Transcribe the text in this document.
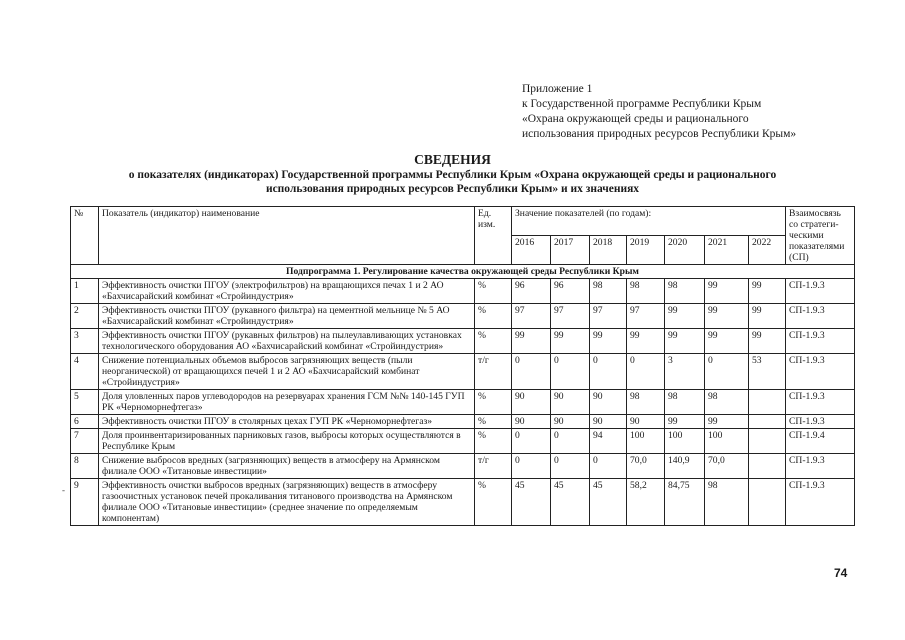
Приложение 1
к Государственной программе Республики Крым
«Охрана окружающей среды и рационального
использования природных ресурсов Республики Крым»
СВЕДЕНИЯ
о показателях (индикаторах) Государственной программы Республики Крым «Охрана окружающей среды и рационального
использования природных ресурсов Республики Крым» и их значениях
№	Показатель (индикатор) наименование	Ед. изм.	Значение показателей (по годам):							Взаимосвязь со стратеги-ческими показателями (СП)
			2016	2017	2018	2019	2020	2021	2022	
Подпрограмма 1. Регулирование качества окружающей среды Республики Крым										
1	Эффективность очистки ПГОУ (электрофильтров) на вращающихся печах 1 и 2 АО «Бахчисарайский комбинат «Стройиндустрия»	%	96	96	98	98	98	99	99	СП-1.9.3
2	Эффективность очистки ПГОУ (рукавного фильтра) на цементной мельнице № 5 АО «Бахчисарайский комбинат «Стройиндустрия»	%	97	97	97	97	99	99	99	СП-1.9.3
3	Эффективность очистки ПГОУ (рукавных фильтров) на пылеулавливающих установках технологического оборудования АО «Бахчисарайский комбинат «Стройиндустрия»	%	99	99	99	99	99	99	99	СП-1.9.3
4	Снижение потенциальных объемов выбросов загрязняющих веществ (пыли неорганической) от вращающихся печей 1 и 2 АО «Бахчисарайский комбинат «Стройиндустрия»	т/г	0	0	0	0	3	0	53	СП-1.9.3
5	Доля уловленных паров углеводородов на резервуарах хранения ГСМ №№ 140-145 ГУП РК «Черноморнефтегаз»	%	90	90	90	98	98	98		СП-1.9.3
6	Эффективность очистки ПГОУ в столярных цехах ГУП РК «Черноморнефтегаз»	%	90	90	90	90	99	99		СП-1.9.3
7	Доля проинвентаризированных парниковых газов, выбросы которых осуществляются в Республике Крым	%	0	0	94	100	100	100		СП-1.9.4
8	Снижение выбросов вредных (загрязняющих) веществ в атмосферу на Армянском филиале ООО «Титановые инвестиции»	т/г	0	0	0	70,0	140,9	70,0		СП-1.9.3
9	Эффективность очистки выбросов вредных (загрязняющих) веществ в атмосферу газоочистных установок печей прокаливания титанового производства на Армянском филиале ООО «Титановые инвестиции» (среднее значение по определяемым компонентам)	%	45	45	45	58,2	84,75	98		СП-1.9.3
74
-
